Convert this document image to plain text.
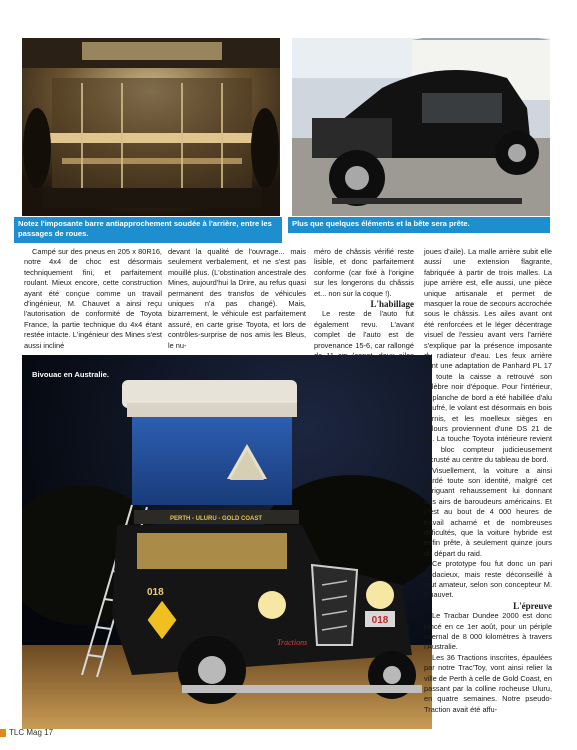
Notez l'imposante barre antiapprochement soudée à l'arrière, entre les passages de roues.
Plus que quelques éléments et la bête sera prête.

Campé sur des pneus en 205 x 80R16, notre 4x4 de choc est désormais techniquement fini, et parfaitement roulant. Mieux encore, cette construction ayant été conçue comme un travail d'ingénieur, M. Chauvet a ainsi reçu l'autorisation de conformité de Toyota France, la partie technique du 4x4 étant restée intacte. L'ingénieur des Mines s'est aussi incliné

devant la qualité de l'ouvrage... mais seulement verbalement, et ne s'est pas mouillé plus. (L'obstination ancestrale des Mines, aujourd'hui la Drire, au refus quasi permanent des transfos de véhicules uniques n'a pas changé). Mais, bizarrement, le véhicule est parfaitement assuré, en carte grise Toyota, et lors de contrôles-surprise de nos amis les Bleus, le nu-

méro de châssis vérifié reste lisible, et donc parfaitement conforme (car fixé à l'origine sur les longerons du châssis et... non sur la coque !).

L'habillage

Le reste de l'auto fut également revu. L'avant complet de l'auto est de provenance 15-6, car rallongé

PERTH - ULURU - GOLD COAST
018
018
Tractions
Bivouac en Australie.

joues d'aile). La malle arrière subit elle aussi une extension flagrante, fabriquée à partir de trois malles. La jupe arrière est, elle aussi, une pièce unique artisanale et permet de masquer la roue de secours accrochée sous le châssis. Les ailes avant ont été renforcées et le léger décentrage visuel de l'essieu avant vers l'arrière s'explique par la présence imposante du radiateur d'eau. Les feux arrière sont une adaptation de Panhard PL 17 et toute la caisse a retrouvé son célèbre noir d'époque. Pour l'intérieur, la planche de bord a été habillée d'alu gaufré, le volant est désormais en bois vernis, et les moelleux sièges en velours proviennent d'une DS 21 de 63. La touche Toyota intérieure revient au bloc compteur judicieusement incrusté au centre du tableau de bord.

Visuellement, la voiture a ainsi gardé toute son identité, malgré cet intriguant rehaussement lui donnant des airs de baroudeurs américains. Et c'est au bout de 4 000 heures de travail acharné et de nombreuses difficultés, que la voiture hybride est enfin prête, à seulement quinze jours du départ du raid.

Ce prototype fou fut donc un pari audacieux, mais reste déconseillé à tout amateur, selon son concepteur M. Chauvet.

L'épreuve

Le Tracbar Dundee 2000 est donc lancé en ce 1er août, pour un périple infernal de 8 000 kilomètres à travers l'Australie.

Les 36 Tractions inscrites, épaulées par notre Trac'Toy, vont ainsi relier la ville de Perth à celle de Gold Coast, en passant par la colline rocheuse Uluru, en quatre semaines. Notre pseudo-Traction avait été affu-

TLC Mag 17
